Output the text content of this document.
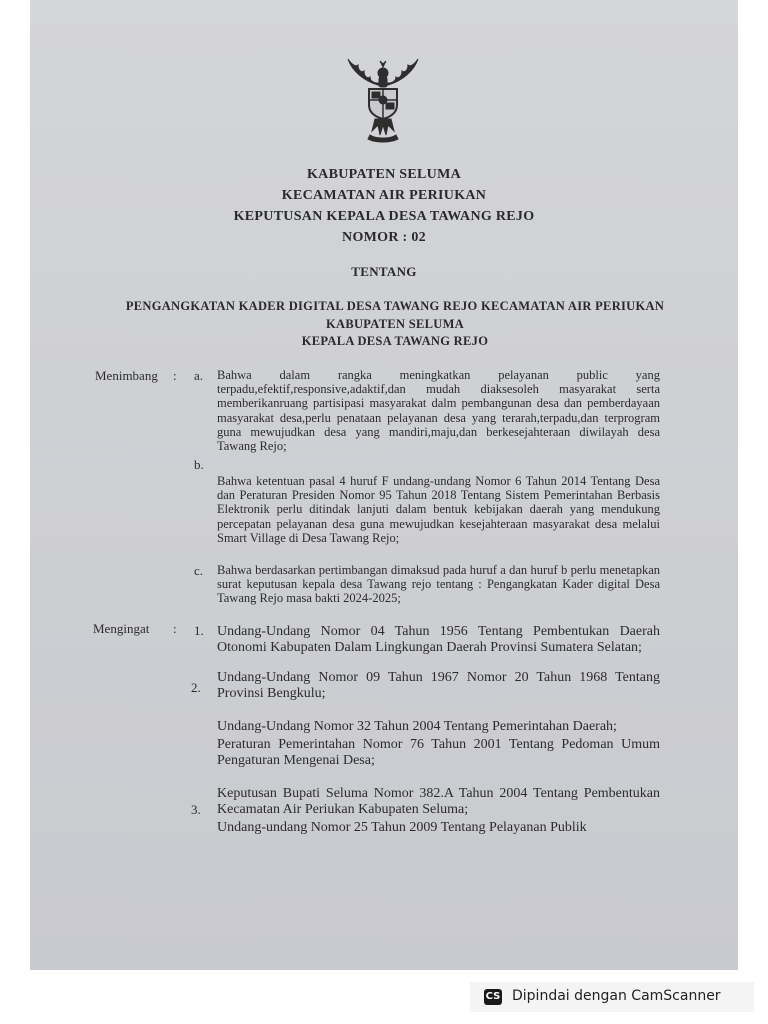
KABUPATEN SELUMA
KECAMATAN AIR PERIUKAN
KEPUTUSAN KEPALA DESA TAWANG REJO
NOMOR : 02
TENTANG
PENGANGKATAN KADER DIGITAL DESA TAWANG REJO KECAMATAN AIR PERIUKAN
KABUPATEN SELUMA
KEPALA DESA TAWANG REJO
Menimbang : a. Bahwa dalam rangka meningkatkan pelayanan public yang terpadu,efektif,responsive,adaktif,dan mudah diaksesoleh masyarakat serta memberikanruang partisipasi masyarakat dalm pembangunan desa dan pemberdayaan masyarakat desa,perlu penataan pelayanan desa yang terarah,terpadu,dan terprogram guna mewujudkan desa yang mandiri,maju,dan berkesejahteraan diwilayah desa Tawang Rejo;
b.
Bahwa ketentuan pasal 4 huruf F undang-undang Nomor 6 Tahun 2014 Tentang Desa dan Peraturan Presiden Nomor 95 Tahun 2018 Tentang Sistem Pemerintahan Berbasis Elektronik perlu ditindak lanjuti dalam bentuk kebijakan daerah yang mendukung percepatan pelayanan desa guna mewujudkan kesejahteraan masyarakat desa melalui Smart Village di Desa Tawang Rejo;
c. Bahwa berdasarkan pertimbangan dimaksud pada huruf a dan huruf b perlu menetapkan surat keputusan kepala desa Tawang rejo tentang : Pengangkatan Kader digital Desa Tawang Rejo masa bakti 2024-2025;
Mengingat : 1. Undang-Undang Nomor 04 Tahun 1956 Tentang Pembentukan Daerah Otonomi Kabupaten Dalam Lingkungan Daerah Provinsi Sumatera Selatan;
2.
Undang-Undang Nomor 09 Tahun 1967 Nomor 20 Tahun 1968 Tentang Provinsi Bengkulu;
Undang-Undang Nomor 32 Tahun 2004 Tentang Pemerintahan Daerah;
Peraturan Pemerintahan Nomor 76 Tahun 2001 Tentang Pedoman Umum Pengaturan Mengenai Desa;
3.
Keputusan Bupati Seluma Nomor 382.A Tahun 2004 Tentang Pembentukan Kecamatan Air Periukan Kabupaten Seluma;
Undang-undang Nomor 25 Tahun 2009 Tentang Pelayanan Publik
CS Dipindai dengan CamScanner
